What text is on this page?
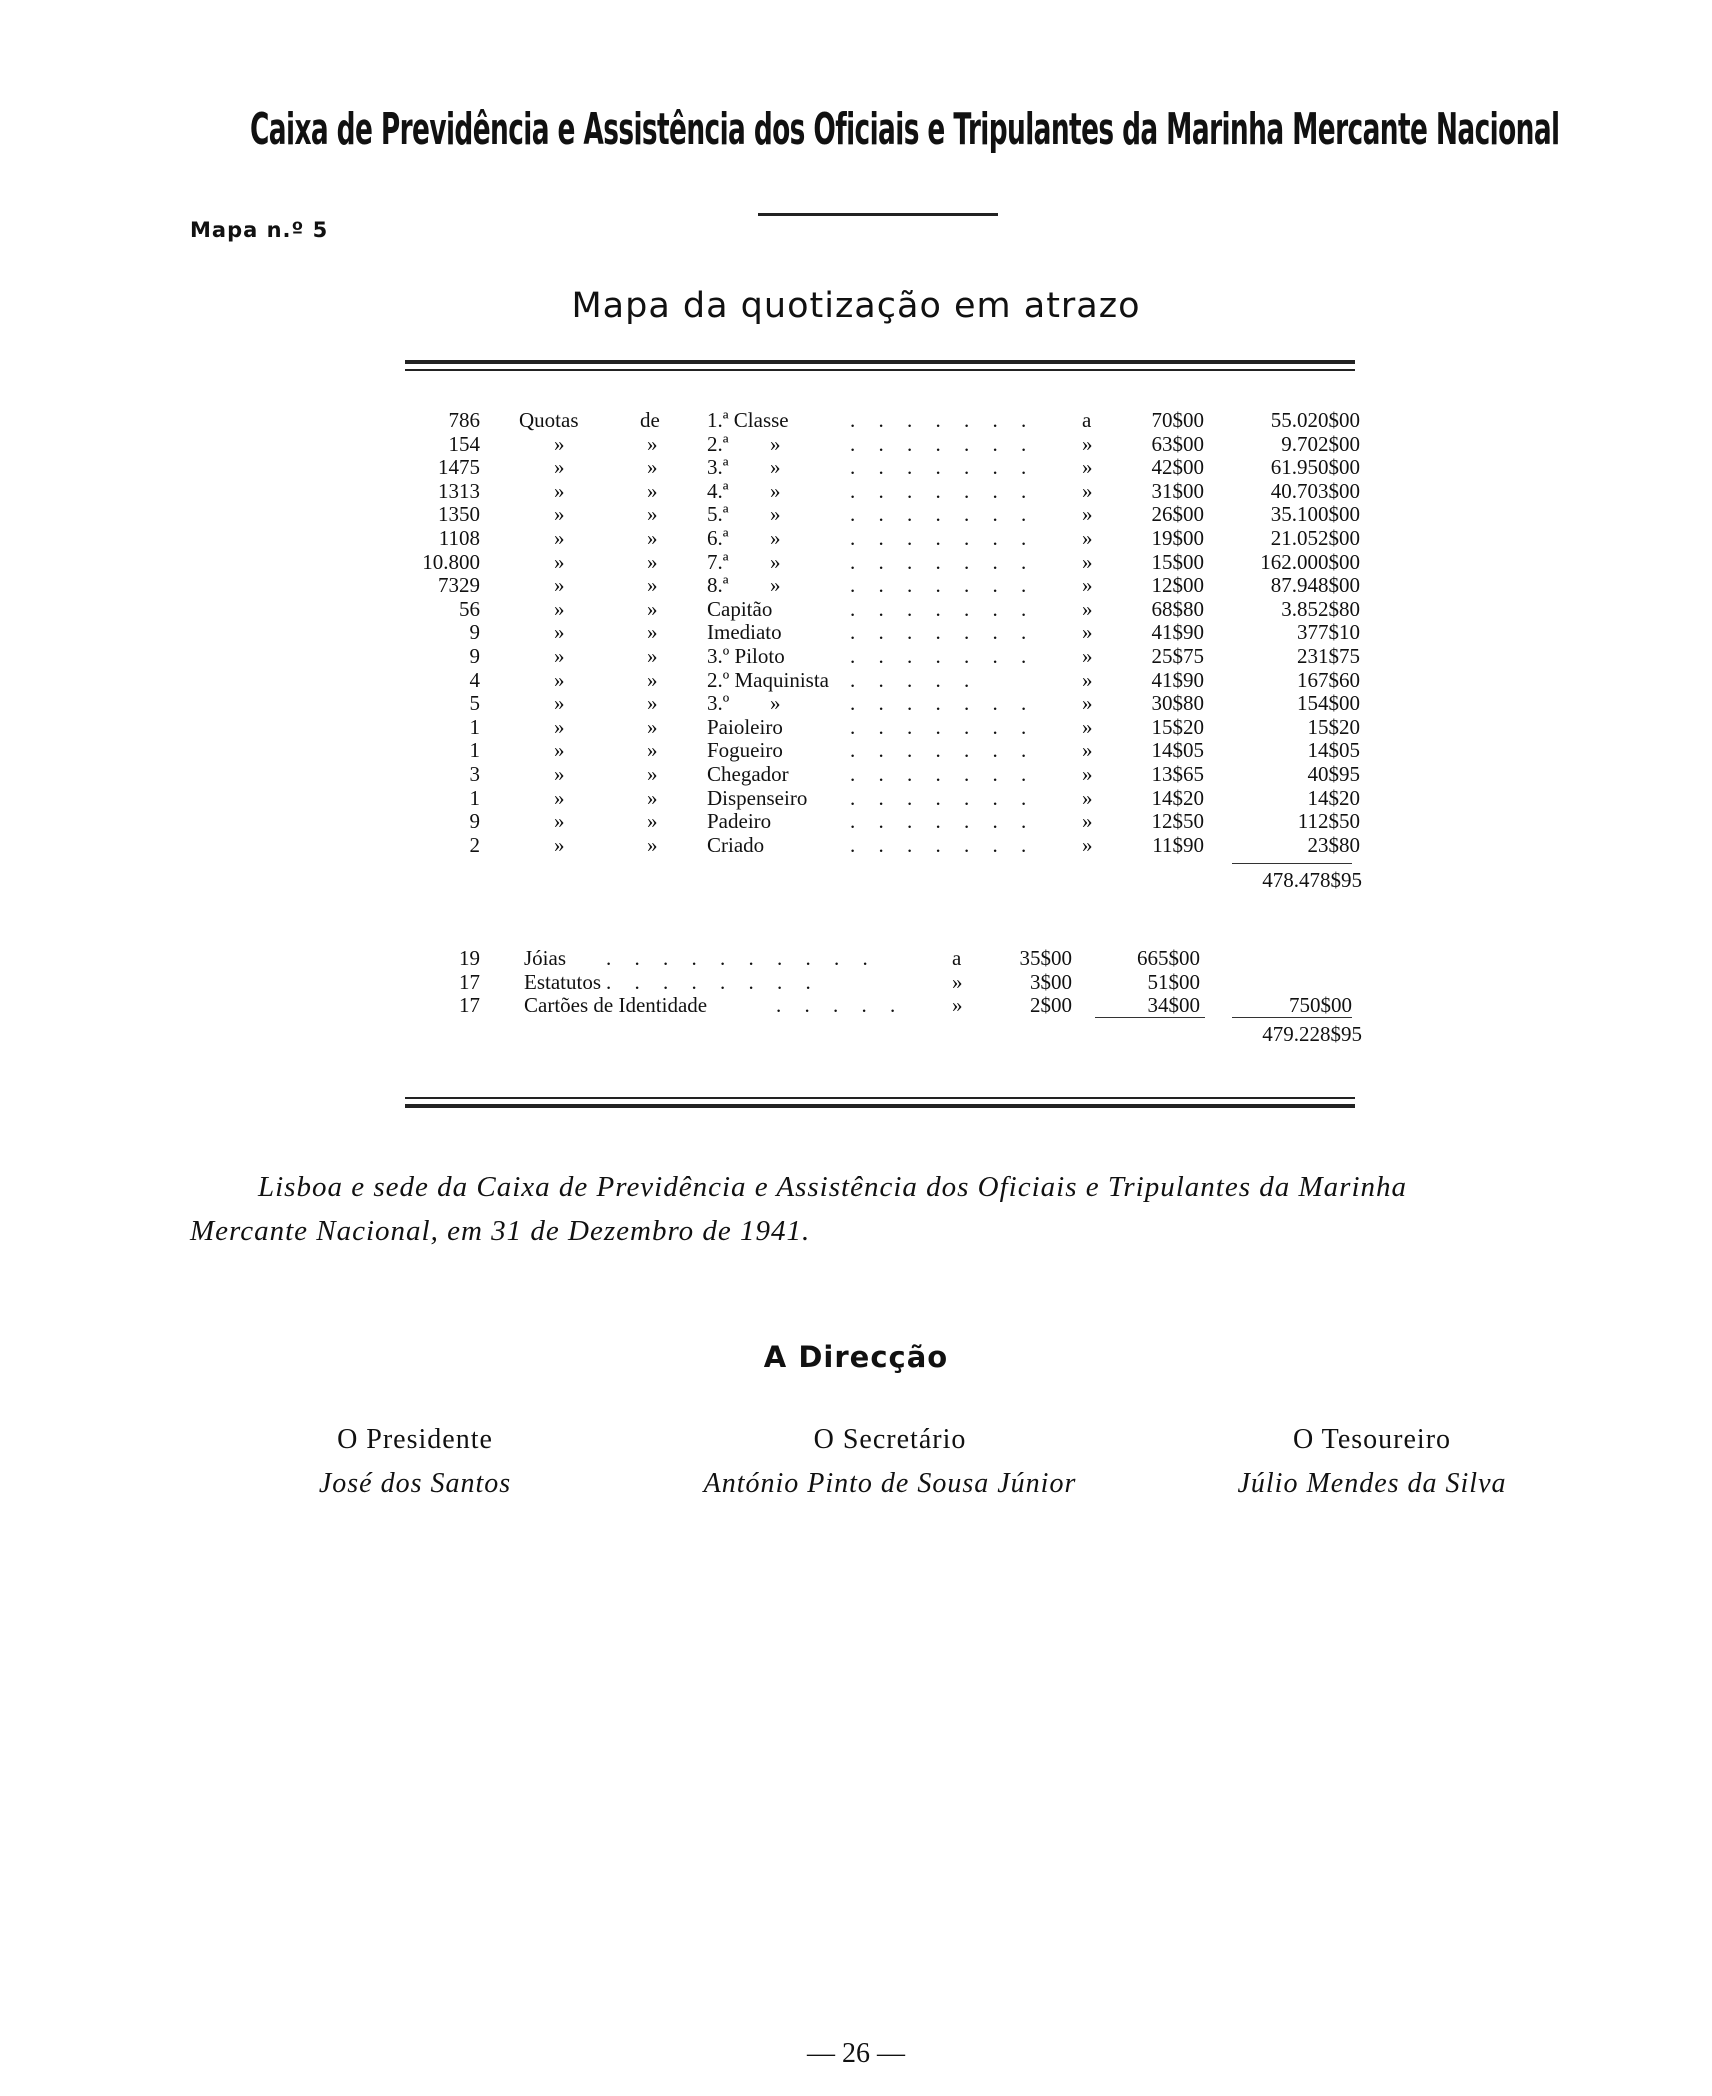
Caixa de Previdência e Assistência dos Oficiais e Tripulantes da Marinha Mercante Nacional
Mapa n.º 5
Mapa da quotização em atrazo
786 Quotas	de 1.ª Classe	. . . . . . . a	70$00	55.020$00
154	»	» 2.ª »	. . . . . . . »	63$00	9.702$00
1475	»	» 3.ª »	. . . . . . . »	42$00	61.950$00
1313	»	» 4.ª »	. . . . . . . »	31$00	40.703$00
1350	»	» 5.ª »	. . . . . . . »	26$00	35.100$00
1108	»	» 6.ª »	. . . . . . . »	19$00	21.052$00
10.800	»	» 7.ª »	. . . . . . . »	15$00	162.000$00
7329	»	» 8.ª »	. . . . . . . »	12$00	87.948$00
56	»	» Capitão	. . . . . . . »	68$80	3.852$80
9	»	» Imediato	. . . . . . . »	41$90	377$10
9	»	» 3.º Piloto	. . . . . . . »	25$75	231$75
4	»	» 2.º Maquinista . . . . .	»	41$90	167$60
5	»	» 3.º »	. . . . . . . »	30$80	154$00
1	»	» Paioleiro	. . . . . . . »	15$20	15$20
1	»	» Fogueiro	. . . . . . . »	14$05	14$05
3	»	» Chegador	. . . . . . . »	13$65	40$95
1	»	» Dispenseiro . . . . . . . »	14$20	14$20
9	»	» Padeiro	. . . . . . . »	12$50	112$50
2	»	» Criado	. . . . . . . »	11$90	23$80
478.478$95
19 Jóias . . . . . . . . . .	a	35$00	665$00
17 Estatutos . . . . . . . .	»	3$00	51$00
17 Cartões de Identidade	. . . . . »	2$00	34$00	750$00
479.228$95
Lisboa e sede da Caixa de Previdência e Assistência dos Oficiais e Tripulantes da Marinha
Mercante Nacional, em 31 de Dezembro de 1941.
A Direcção
O Presidente
José dos Santos
O Secretário
António Pinto de Sousa Júnior
O Tesoureiro
Júlio Mendes da Silva
— 26 —
